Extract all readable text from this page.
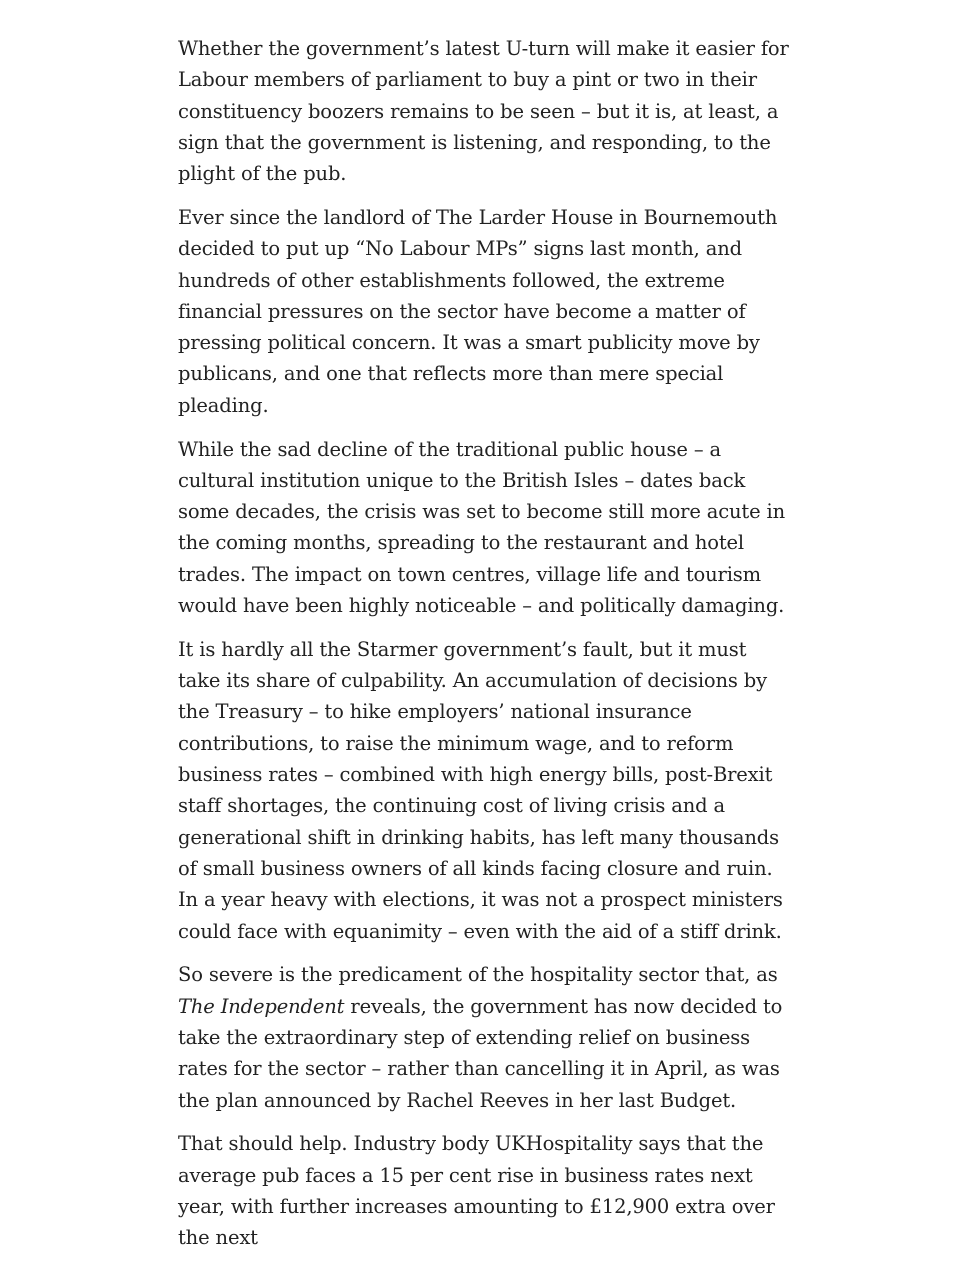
Whether the government’s latest U-turn will make it easier for Labour members of parliament to buy a pint or two in their constituency boozers remains to be seen – but it is, at least, a sign that the government is listening, and responding, to the plight of the pub.

Ever since the landlord of The Larder House in Bournemouth decided to put up “No Labour MPs” signs last month, and hundreds of other establishments followed, the extreme financial pressures on the sector have become a matter of pressing political concern. It was a smart publicity move by publicans, and one that reflects more than mere special pleading.

While the sad decline of the traditional public house – a cultural institution unique to the British Isles – dates back some decades, the crisis was set to become still more acute in the coming months, spreading to the restaurant and hotel trades. The impact on town centres, village life and tourism would have been highly noticeable – and politically damaging.

It is hardly all the Starmer government’s fault, but it must take its share of culpability. An accumulation of decisions by the Treasury – to hike employers’ national insurance contributions, to raise the minimum wage, and to reform business rates – combined with high energy bills, post-Brexit staff shortages, the continuing cost of living crisis and a generational shift in drinking habits, has left many thousands of small business owners of all kinds facing closure and ruin. In a year heavy with elections, it was not a prospect ministers could face with equanimity – even with the aid of a stiff drink.

So severe is the predicament of the hospitality sector that, as The Independent reveals, the government has now decided to take the extraordinary step of extending relief on business rates for the sector – rather than cancelling it in April, as was the plan announced by Rachel Reeves in her last Budget.

That should help. Industry body UKHospitality says that the average pub faces a 15 per cent rise in business rates next year, with further increases amounting to £12,900 extra over the next
